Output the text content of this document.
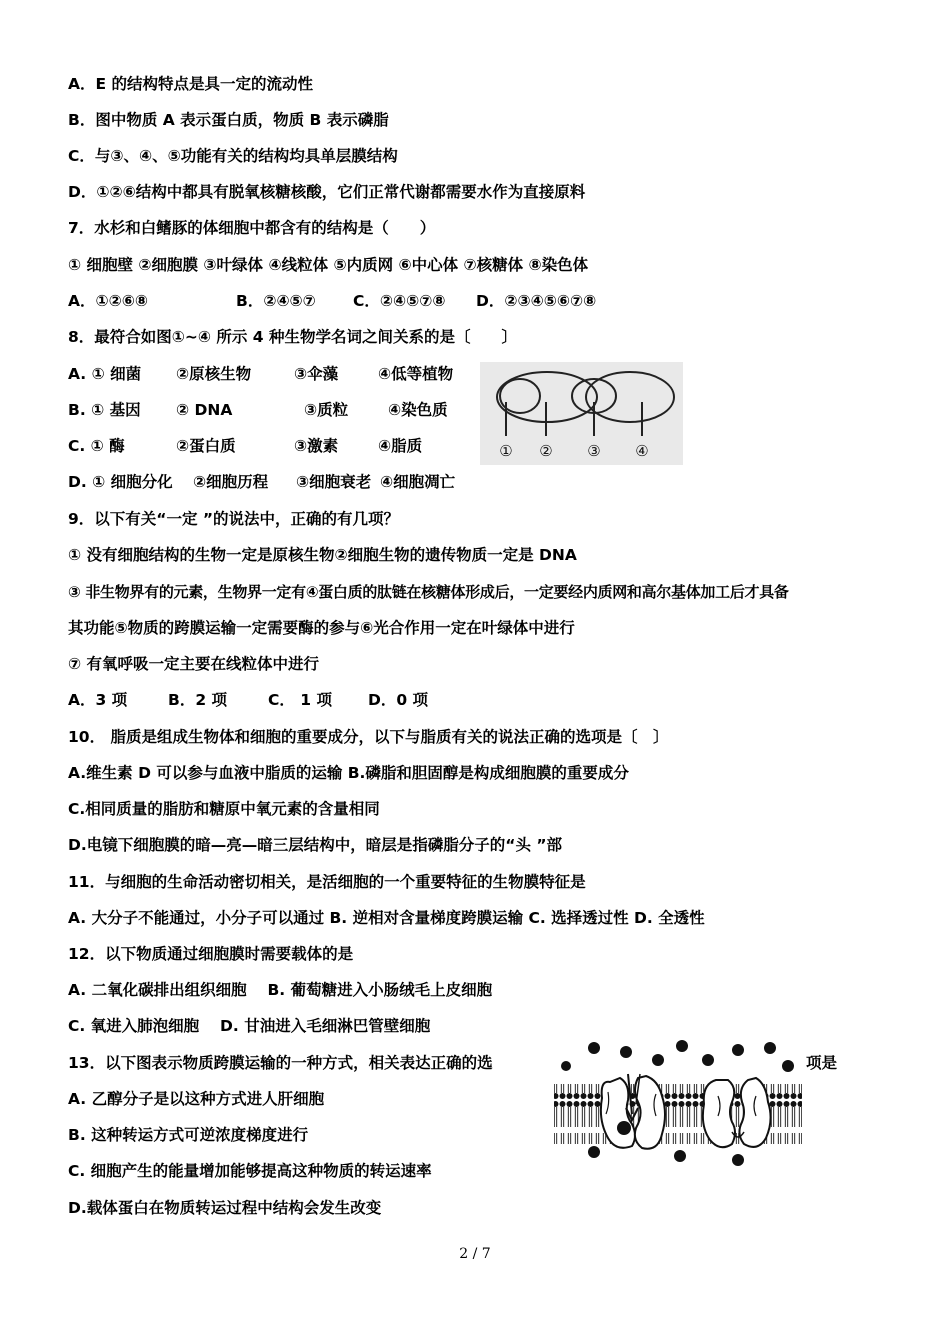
A．E 的结构特点是具一定的流动性
B．图中物质 A 表示蛋白质，物质 B 表示磷脂
C．与③、④、⑤功能有关的结构均具单层膜结构
D．①②⑥结构中都具有脱氧核糖核酸，它们正常代谢都需要水作为直接原料
7．水杉和白鳍豚的体细胞中都含有的结构是（　　）
① 细胞壁 ②细胞膜 ③叶绿体 ④线粒体 ⑤内质网 ⑥中心体 ⑦核糖体 ⑧染色体
A．①②⑥⑧	B．②④⑤⑦ C．②④⑤⑦⑧ D．②③④⑤⑥⑦⑧
8．最符合如图①~④ 所示 4 种生物学名词之间关系的是〔　　〕
A. ① 细菌 ②原核生物	③伞藻	④低等植物
B. ① 基因 ② DNA	③质粒	④染色质
C. ① 酶	②蛋白质	③激素	④脂质
D. ① 细胞分化 ②细胞历程 ③细胞衰老 ④细胞凋亡
① ② ③ ④
9．以下有关“一定 ”的说法中，正确的有几项？
① 没有细胞结构的生物一定是原核生物②细胞生物的遗传物质一定是 DNA
③ 非生物界有的元素，生物界一定有④蛋白质的肽链在核糖体形成后，一定要经内质网和高尔基体加工后才具备
其功能⑤物质的跨膜运输一定需要酶的参与⑥光合作用一定在叶绿体中进行
⑦ 有氧呼吸一定主要在线粒体中进行
A．3 项	B．2 项	C． 1 项 D．0 项
10． 脂质是组成生物体和细胞的重要成分，以下与脂质有关的说法正确的选项是〔　〕
A.维生素 D 可以参与血液中脂质的运输 B.磷脂和胆固醇是构成细胞膜的重要成分
C.相同质量的脂肪和糖原中氧元素的含量相同
D.电镜下细胞膜的暗—亮—暗三层结构中，暗层是指磷脂分子的“头 ”部
11．与细胞的生命活动密切相关，是活细胞的一个重要特征的生物膜特征是
A. 大分子不能通过，小分子可以通过 B. 逆相对含量梯度跨膜运输 C. 选择透过性 D. 全透性
12．以下物质通过细胞膜时需要载体的是
A. 二氧化碳排出组织细胞　 B. 葡萄糖进入小肠绒毛上皮细胞
C. 氧进入肺泡细胞　 D. 甘油进入毛细淋巴管壁细胞
13．以下图表示物质跨膜运输的一种方式，相关表达正确的选	项是
A. 乙醇分子是以这种方式进人肝细胞
B. 这种转运方式可逆浓度梯度进行
C. 细胞产生的能量增加能够提高这种物质的转运速率
D.载体蛋白在物质转运过程中结构会发生改变
2 / 7
